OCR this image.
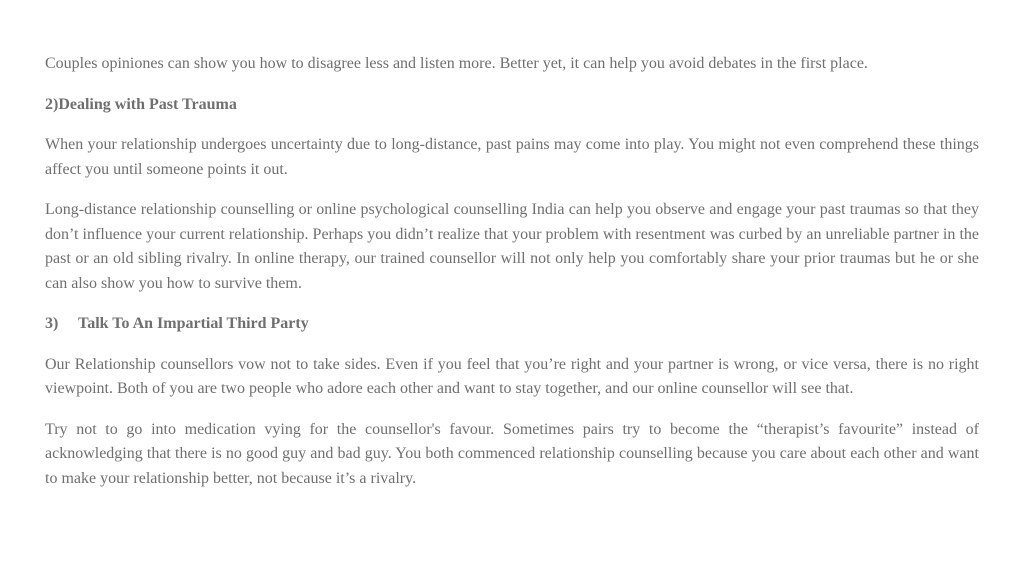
Couples opiniones can show you how to disagree less and listen more. Better yet, it can help you avoid debates in the first place.

2)Dealing with Past Trauma

When your relationship undergoes uncertainty due to long-distance, past pains may come into play. You might not even comprehend these things affect you until someone points it out.

Long-distance relationship counselling or online psychological counselling India can help you observe and engage your past traumas so that they don’t influence your current relationship. Perhaps you didn’t realize that your problem with resentment was curbed by an unreliable partner in the past or an old sibling rivalry. In online therapy, our trained counsellor will not only help you comfortably share your prior traumas but he or she can also show you how to survive them.

3) Talk To An Impartial Third Party

Our Relationship counsellors vow not to take sides. Even if you feel that you’re right and your partner is wrong, or vice versa, there is no right viewpoint. Both of you are two people who adore each other and want to stay together, and our online counsellor will see that.

Try not to go into medication vying for the counsellor's favour. Sometimes pairs try to become the “therapist’s favourite” instead of acknowledging that there is no good guy and bad guy. You both commenced relationship counselling because you care about each other and want to make your relationship better, not because it’s a rivalry.
